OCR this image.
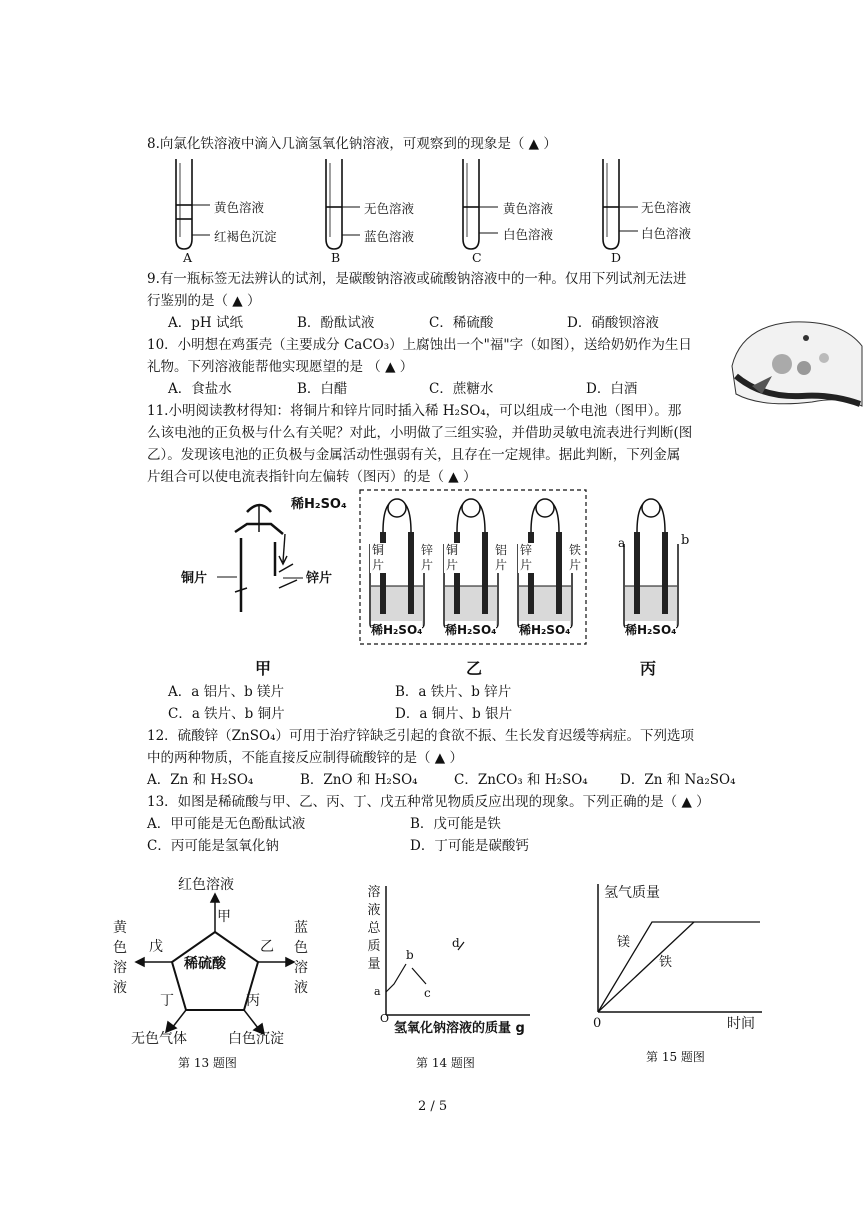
8.向氯化铁溶液中滴入几滴氢氧化钠溶液，可观察到的现象是（ ▲ ）
黄色溶液
红褐色沉淀
无色溶液
蓝色溶液
黄色溶液
白色溶液
无色溶液
白色溶液
A	B	C	D
9.有一瓶标签无法辨认的试剂，是碳酸钠溶液或硫酸钠溶液中的一种。仅用下列试剂无法进
行鉴别的是（ ▲ ）
A．pH 试纸	B．酚酞试液	C．稀硫酸	D．硝酸钡溶液
10．小明想在鸡蛋壳（主要成分 CaCO₃）上腐蚀出一个"福"字（如图），送给奶奶作为生日
礼物。下列溶液能帮他实现愿望的是 （ ▲ ）
A．食盐水	B．白醋	C．蔗糖水	D．白酒
11.小明阅读教材得知：将铜片和锌片同时插入稀 H₂SO₄，可以组成一个电池（图甲）。那
么该电池的正负极与什么有关呢？对此，小明做了三组实验，并借助灵敏电流表进行判断(图
乙）。发现该电池的正负极与金属活动性强弱有关，且存在一定规律。据此判断，下列金属
片组合可以使电流表指针向左偏转（图丙）的是（ ▲ ）
稀H₂SO₄
铜片	锌片
铜片
锌片
铜片
铝片
锌片
铁片
稀H₂SO₄ 稀H₂SO₄ 稀H₂SO₄
a	b
稀H₂SO₄
甲	乙	丙
A．a 铝片、b 镁片	B．a 铁片、b 锌片
C．a 铁片、b 铜片	D．a 铜片、b 银片
12．硫酸锌（ZnSO₄）可用于治疗锌缺乏引起的食欲不振、生长发育迟缓等病症。下列选项
中的两种物质，不能直接反应制得硫酸锌的是（ ▲ ）
A．Zn 和 H₂SO₄	B．ZnO 和 H₂SO₄	C．ZnCO₃ 和 H₂SO₄ D．Zn 和 Na₂SO₄
13．如图是稀硫酸与甲、乙、丙、丁、戊五种常见物质反应出现的现象。下列正确的是（ ▲ ）
A．甲可能是无色酚酞试液	B．戊可能是铁
C．丙可能是氢氧化钠	D．丁可能是碳酸钙
红色溶液
甲
乙
戊
稀硫酸
丁	丙
黄色溶液
蓝色溶液
无色气体	白色沉淀
第 13 题图
溶液总质量
氢氧化钠溶液的质量 g
a
b
c
d
O
第 14 题图
氢气质量
镁
铁
0	时间
第 15 题图
2 / 5
